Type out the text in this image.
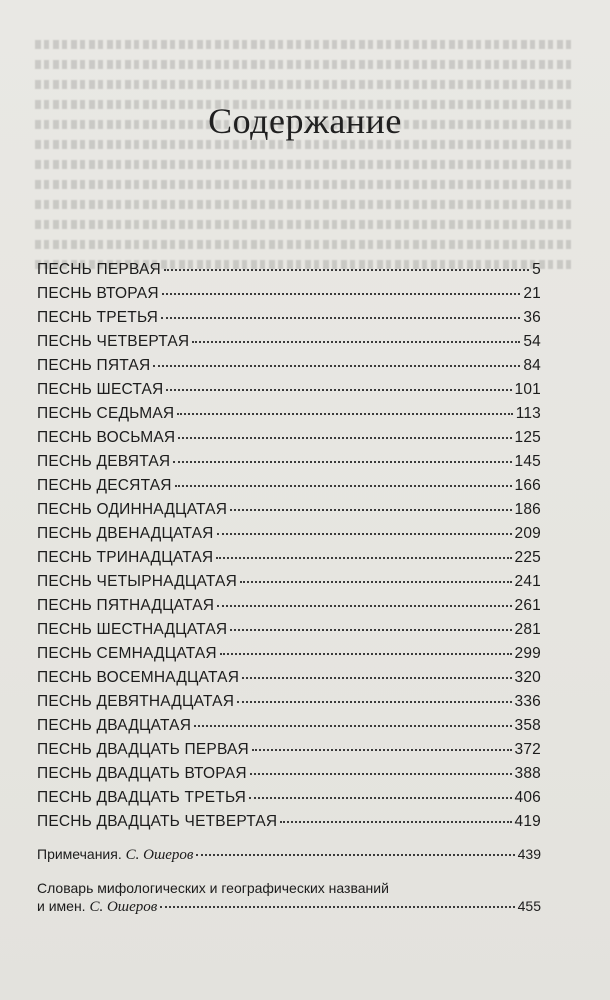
Содержание
ПЕСНЬ ПЕРВАЯ	5
ПЕСНЬ ВТОРАЯ	21
ПЕСНЬ ТРЕТЬЯ	36
ПЕСНЬ ЧЕТВЕРТАЯ	54
ПЕСНЬ ПЯТАЯ	84
ПЕСНЬ ШЕСТАЯ	101
ПЕСНЬ СЕДЬМАЯ	113
ПЕСНЬ ВОСЬМАЯ	125
ПЕСНЬ ДЕВЯТАЯ	145
ПЕСНЬ ДЕСЯТАЯ	166
ПЕСНЬ ОДИННАДЦАТАЯ	186
ПЕСНЬ ДВЕНАДЦАТАЯ	209
ПЕСНЬ ТРИНАДЦАТАЯ	225
ПЕСНЬ ЧЕТЫРНАДЦАТАЯ	241
ПЕСНЬ ПЯТНАДЦАТАЯ	261
ПЕСНЬ ШЕСТНАДЦАТАЯ	281
ПЕСНЬ СЕМНАДЦАТАЯ	299
ПЕСНЬ ВОСЕМНАДЦАТАЯ	320
ПЕСНЬ ДЕВЯТНАДЦАТАЯ	336
ПЕСНЬ ДВАДЦАТАЯ	358
ПЕСНЬ ДВАДЦАТЬ ПЕРВАЯ	372
ПЕСНЬ ДВАДЦАТЬ ВТОРАЯ	388
ПЕСНЬ ДВАДЦАТЬ ТРЕТЬЯ	406
ПЕСНЬ ДВАДЦАТЬ ЧЕТВЕРТАЯ	419
Примечания. С. Ошеров	439
Словарь мифологических и географических названий
и имен. С. Ошеров	455
